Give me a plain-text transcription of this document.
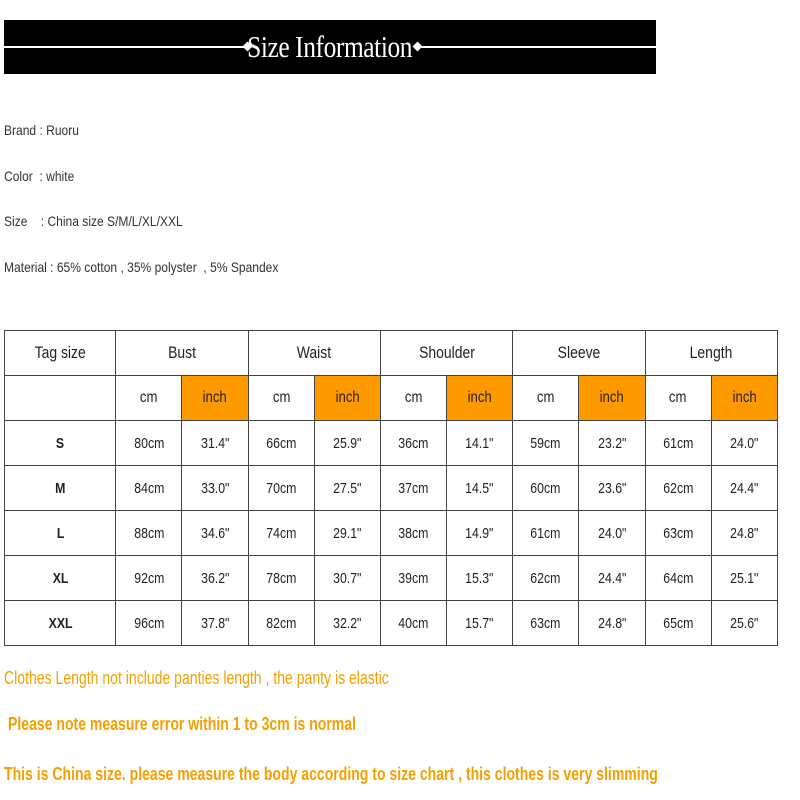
Size Information
Brand : Ruoru
Color  : white
Size    : China size S/M/L/XL/XXL
Material : 65% cotton , 35% polyster  , 5% Spandex
Tag size	Bust		Waist		Shoulder		Sleeve		Length	
	cm	inch	cm	inch	cm	inch	cm	inch	cm	inch
S	80cm	31.4"	66cm	25.9"	36cm	14.1"	59cm	23.2"	61cm	24.0"
M	84cm	33.0"	70cm	27.5"	37cm	14.5"	60cm	23.6"	62cm	24.4"
L	88cm	34.6"	74cm	29.1"	38cm	14.9"	61cm	24.0"	63cm	24.8"
XL	92cm	36.2"	78cm	30.7"	39cm	15.3"	62cm	24.4"	64cm	25.1"
XXL	96cm	37.8"	82cm	32.2"	40cm	15.7"	63cm	24.8"	65cm	25.6"
Clothes Length not include panties length , the panty is elastic
Please note measure error within 1 to 3cm is normal
This is China size. please measure the body according to size chart , this clothes is very slimming
